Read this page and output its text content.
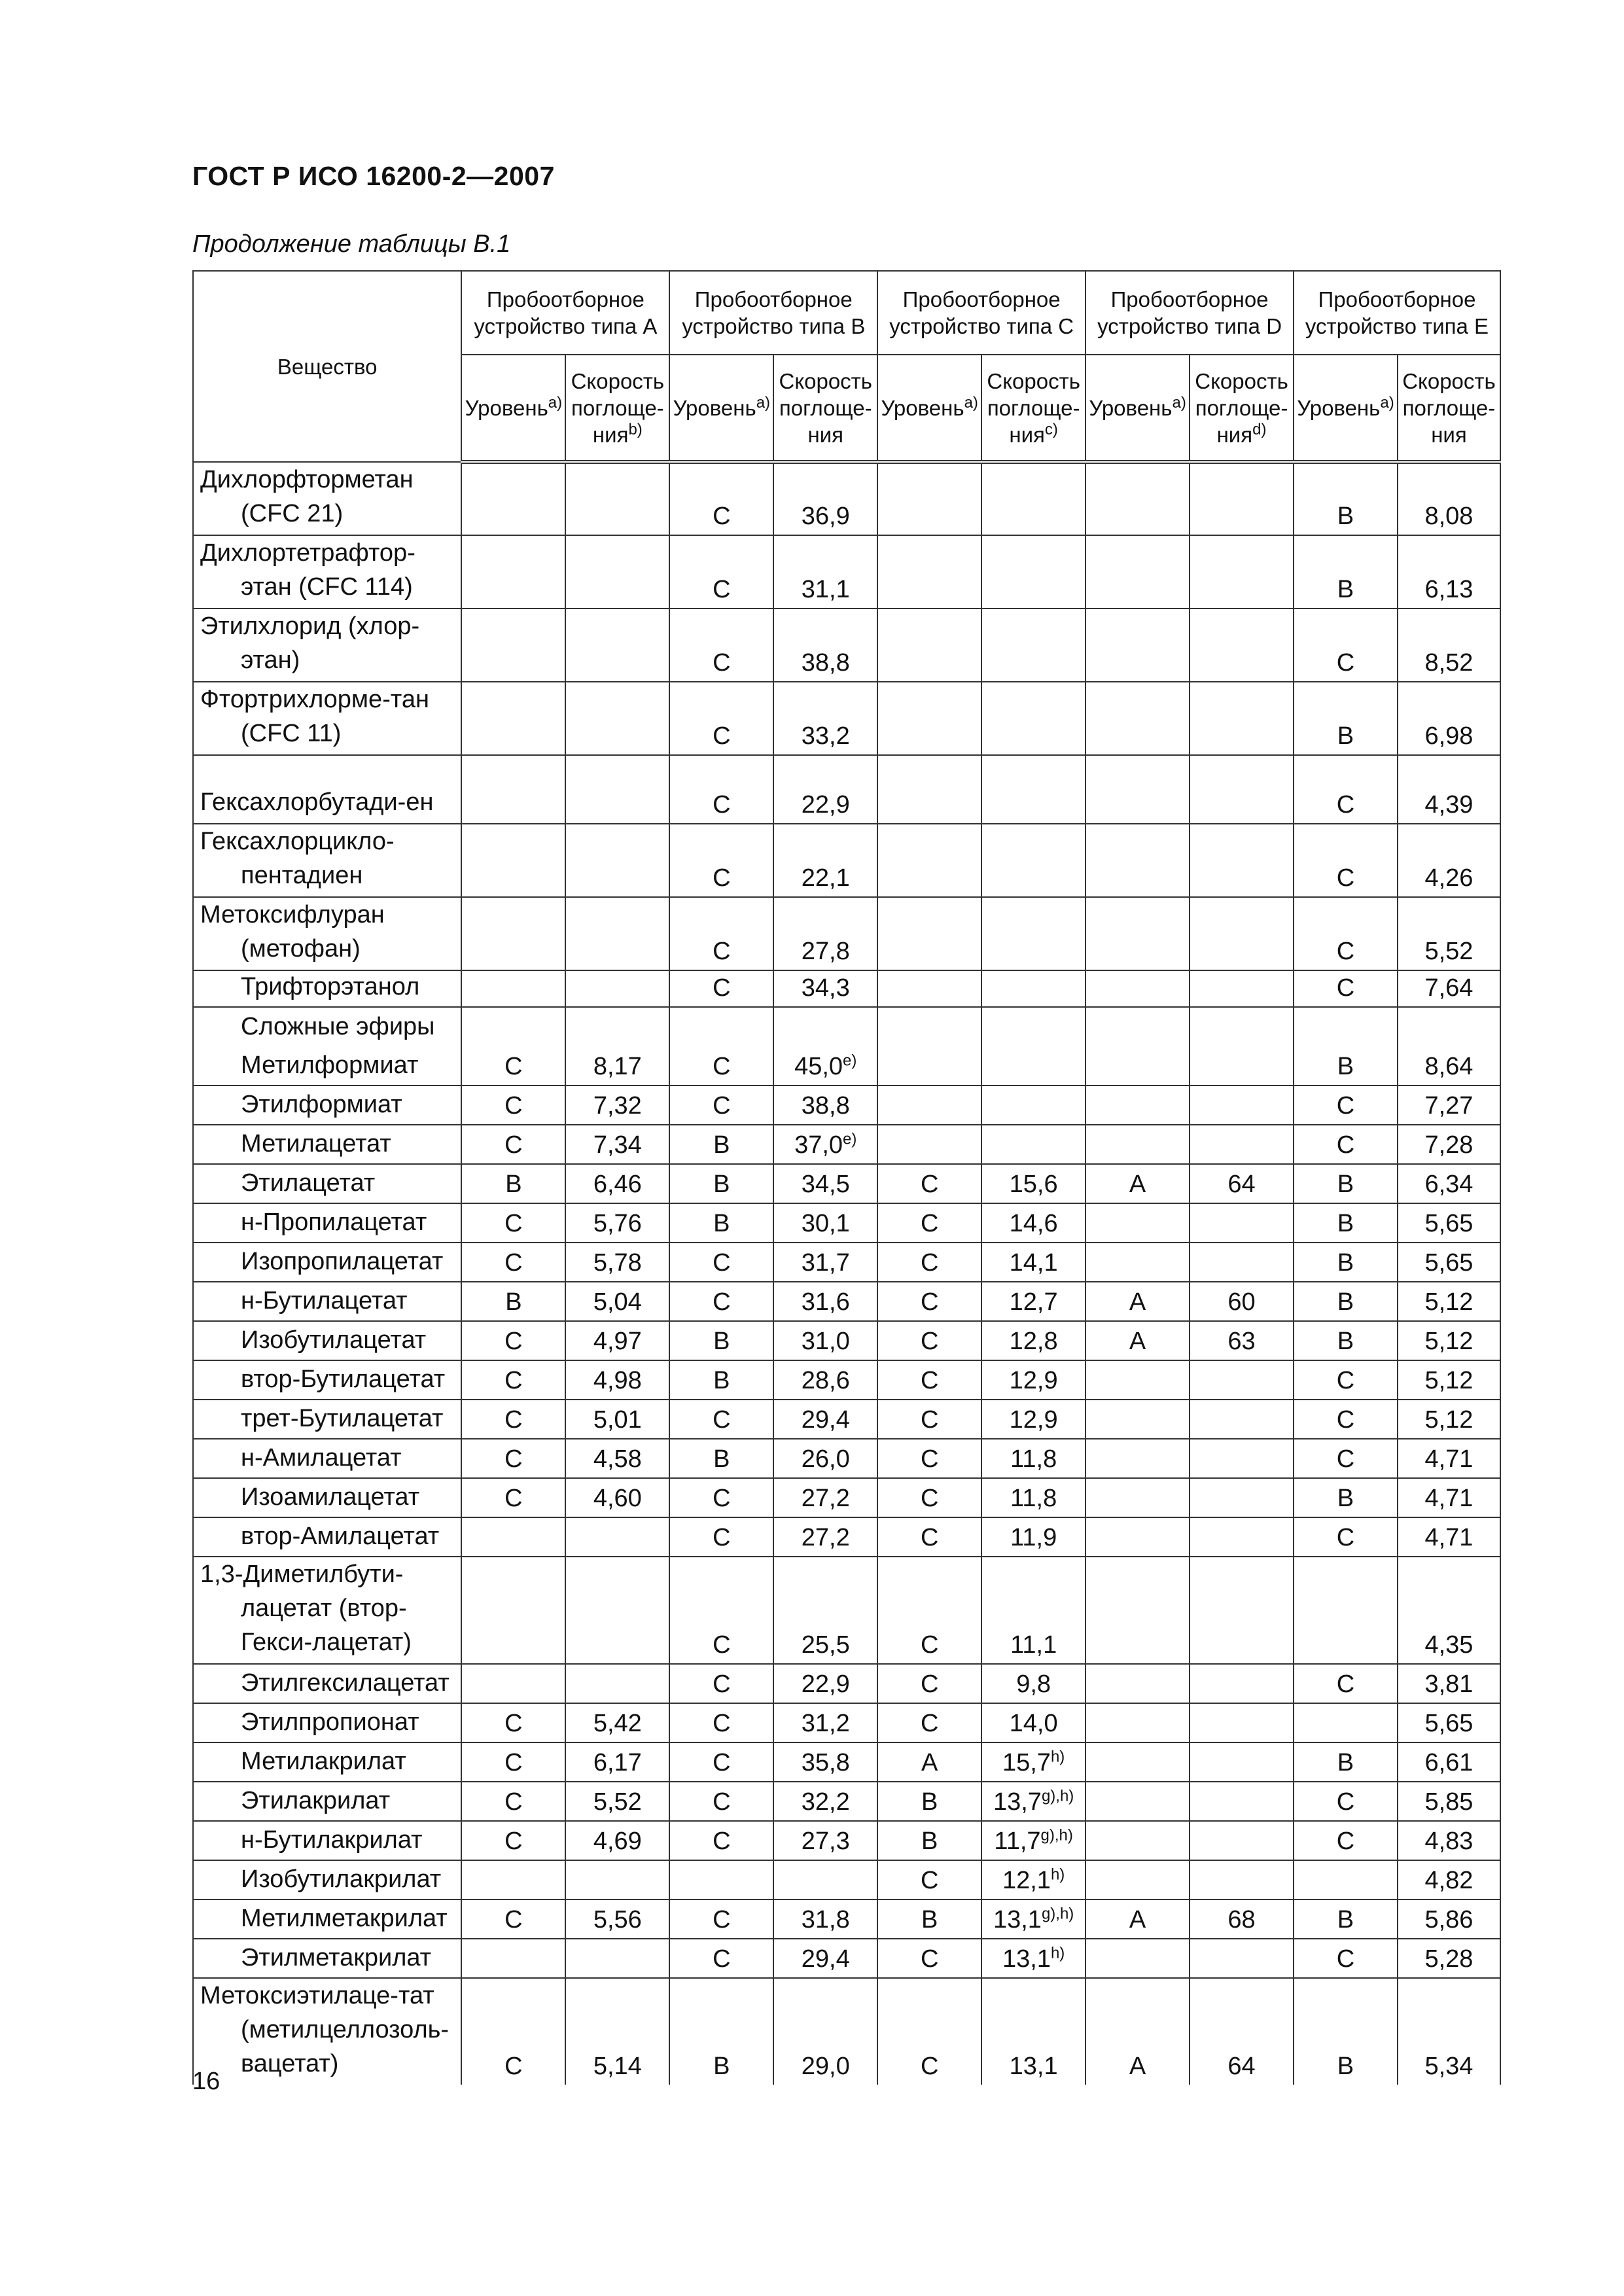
ГОСТ Р ИСО 16200-2—2007
Продолжение таблицы В.1
Вещество	Пробоотборное устройство типа A		Пробоотборное устройство типа B		Пробоотборное устройство типа C		Пробоотборное устройство типа D		Пробоотборное устройство типа E	
	Уровень$^{а)}$	Скорость поглоще-ния$^{b)}$	Уровень$^{а)}$	Скорость поглоще-ния	Уровень$^{а)}$	Скорость поглоще-ния$^{c)}$	Уровень$^{а)}$	Скорость поглоще-ния$^{d)}$	Уровень$^{а)}$	Скорость поглоще-ния
Дихлорфторметан (CFC 21)			C	36,9					B	8,08
Дихлортетрафтор-этан (CFC 114)			C	31,1					B	6,13
Этилхлорид (хлор-этан)			C	38,8					C	8,52
Фтортрихлорме-тан (CFC 11)			C	33,2					B	6,98
Гексахлорбутади-ен			C	22,9					C	4,39
Гексахлорцикло-пентадиен			C	22,1					C	4,26
Метоксифлуран (метофан)			C	27,8					C	5,52
Трифторэтанол			C	34,3					C	7,64
Сложные эфиры										
Метилформиат	C	8,17	C	45,0$^{e)}$					B	8,64
Этилформиат	C	7,32	C	38,8					C	7,27
Метилацетат	C	7,34	B	37,0$^{e)}$					C	7,28
Этилацетат	B	6,46	B	34,5	C	15,6	A	64	B	6,34
н-Пропилацетат	C	5,76	B	30,1	C	14,6			B	5,65
Изопропилацетат	C	5,78	C	31,7	C	14,1			B	5,65
н-Бутилацетат	B	5,04	C	31,6	C	12,7	A	60	B	5,12
Изобутилацетат	C	4,97	B	31,0	C	12,8	A	63	B	5,12
втор-Бутилацетат	C	4,98	B	28,6	C	12,9			C	5,12
трет-Бутилацетат	C	5,01	C	29,4	C	12,9			C	5,12
н-Амилацетат	C	4,58	B	26,0	C	11,8			C	4,71
Изоамилацетат	C	4,60	C	27,2	C	11,8			B	4,71
втор-Амилацетат			C	27,2	C	11,9			C	4,71
1,3-Диметилбути-лацетат (втор-Гекси-лацетат)			C	25,5	C	11,1				4,35
Этилгексилацетат			C	22,9	C	9,8			C	3,81
Этилпропионат	C	5,42	C	31,2	C	14,0				5,65
Метилакрилат	C	6,17	C	35,8	A	15,7$^{h)}$			B	6,61
Этилакрилат	C	5,52	C	32,2	B	$13,7^{g),h)}$			C	5,85
н-Бутилакрилат	C	4,69	C	27,3	B	$11,7^{g),h)}$			C	4,83
Изобутилакрилат					C	12,1$^{h)}$				4,82
Метилметакрилат	C	5,56	C	31,8	B	$13,1^{g),h)}$	A	68	B	5,86
Этилметакрилат			C	29,4	C	13,1$^{h)}$			C	5,28
Метоксиэтилаце-тат (метилцеллозоль-вацетат)	C	5,14	B	29,0	C	13,1	A	64	B	5,34
16
